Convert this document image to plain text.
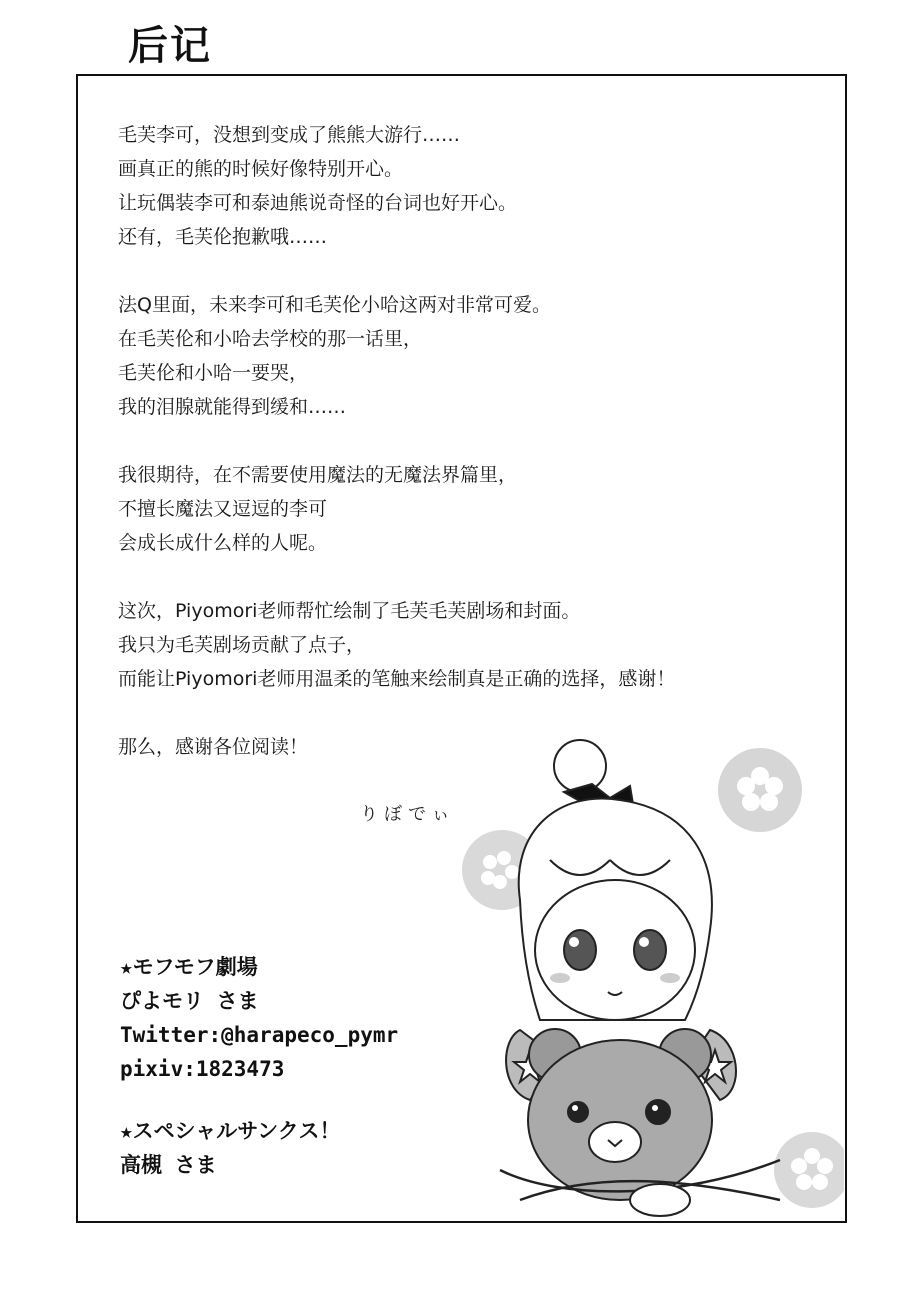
后记

毛芙李可，没想到变成了熊熊大游行……
画真正的熊的时候好像特别开心。
让玩偶装李可和泰迪熊说奇怪的台词也好开心。
还有，毛芙伦抱歉哦……

法Q里面，未来李可和毛芙伦小哈这两对非常可爱。
在毛芙伦和小哈去学校的那一话里，
毛芙伦和小哈一要哭，
我的泪腺就能得到缓和……

我很期待，在不需要使用魔法的无魔法界篇里，
不擅长魔法又逗逗的李可
会成长成什么样的人呢。

这次，Piyomori老师帮忙绘制了毛芙毛芙剧场和封面。
我只为毛芙剧场贡献了点子，
而能让Piyomori老师用温柔的笔触来绘制真是正确的选择，感谢！

那么，感谢各位阅读！

りぼでぃ
★モフモフ劇場
ぴよモリ さま
Twitter:@harapeco_pymr
pixiv:1823473
★スペシャルサンクス！
高槻 さま
